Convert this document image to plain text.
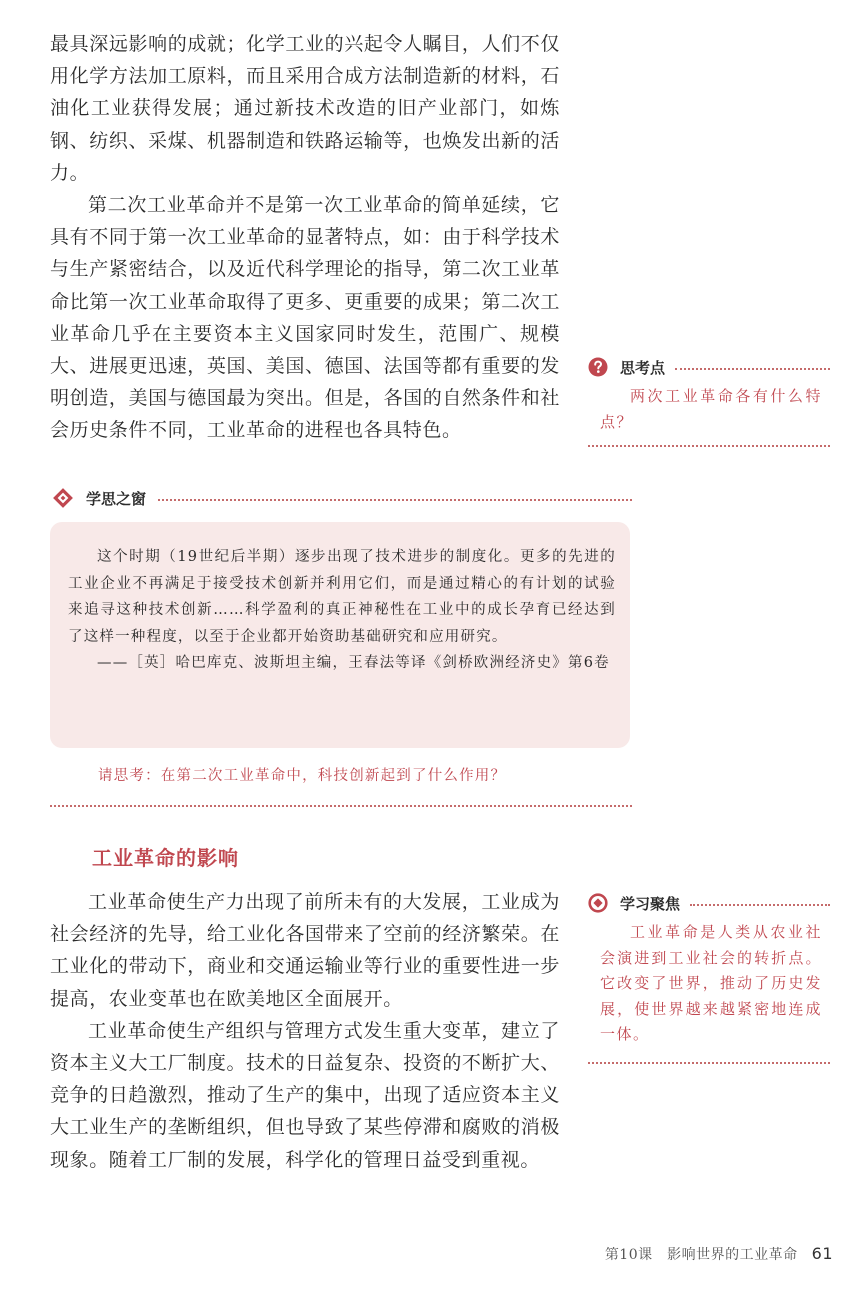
最具深远影响的成就；化学工业的兴起令人瞩目，人们不仅用化学方法加工原料，而且采用合成方法制造新的材料，石油化工业获得发展；通过新技术改造的旧产业部门，如炼钢、纺织、采煤、机器制造和铁路运输等，也焕发出新的活力。

第二次工业革命并不是第一次工业革命的简单延续，它具有不同于第一次工业革命的显著特点，如：由于科学技术与生产紧密结合，以及近代科学理论的指导，第二次工业革命比第一次工业革命取得了更多、更重要的成果；第二次工业革命几乎在主要资本主义国家同时发生，范围广、规模大、进展更迅速，英国、美国、德国、法国等都有重要的发明创造，美国与德国最为突出。但是，各国的自然条件和社会历史条件不同，工业革命的进程也各具特色。

思考点
两次工业革命各有什么特点？
学思之窗

这个时期（19世纪后半期）逐步出现了技术进步的制度化。更多的先进的工业企业不再满足于接受技术创新并利用它们，而是通过精心的有计划的试验来追寻这种技术创新……科学盈利的真正神秘性在工业中的成长孕育已经达到了这样一种程度，以至于企业都开始资助基础研究和应用研究。

——［英］哈巴库克、波斯坦主编，王春法等译《剑桥欧洲经济史》第6卷

请思考：在第二次工业革命中，科技创新起到了什么作用？
工业革命的影响

工业革命使生产力出现了前所未有的大发展，工业成为社会经济的先导，给工业化各国带来了空前的经济繁荣。在工业化的带动下，商业和交通运输业等行业的重要性进一步提高，农业变革也在欧美地区全面展开。

工业革命使生产组织与管理方式发生重大变革，建立了资本主义大工厂制度。技术的日益复杂、投资的不断扩大、竞争的日趋激烈，推动了生产的集中，出现了适应资本主义大工业生产的垄断组织，但也导致了某些停滞和腐败的消极现象。随着工厂制的发展，科学化的管理日益受到重视。

学习聚焦
工业革命是人类从农业社会演进到工业社会的转折点。它改变了世界，推动了历史发展，使世界越来越紧密地连成一体。
第10课　影响世界的工业革命 61
